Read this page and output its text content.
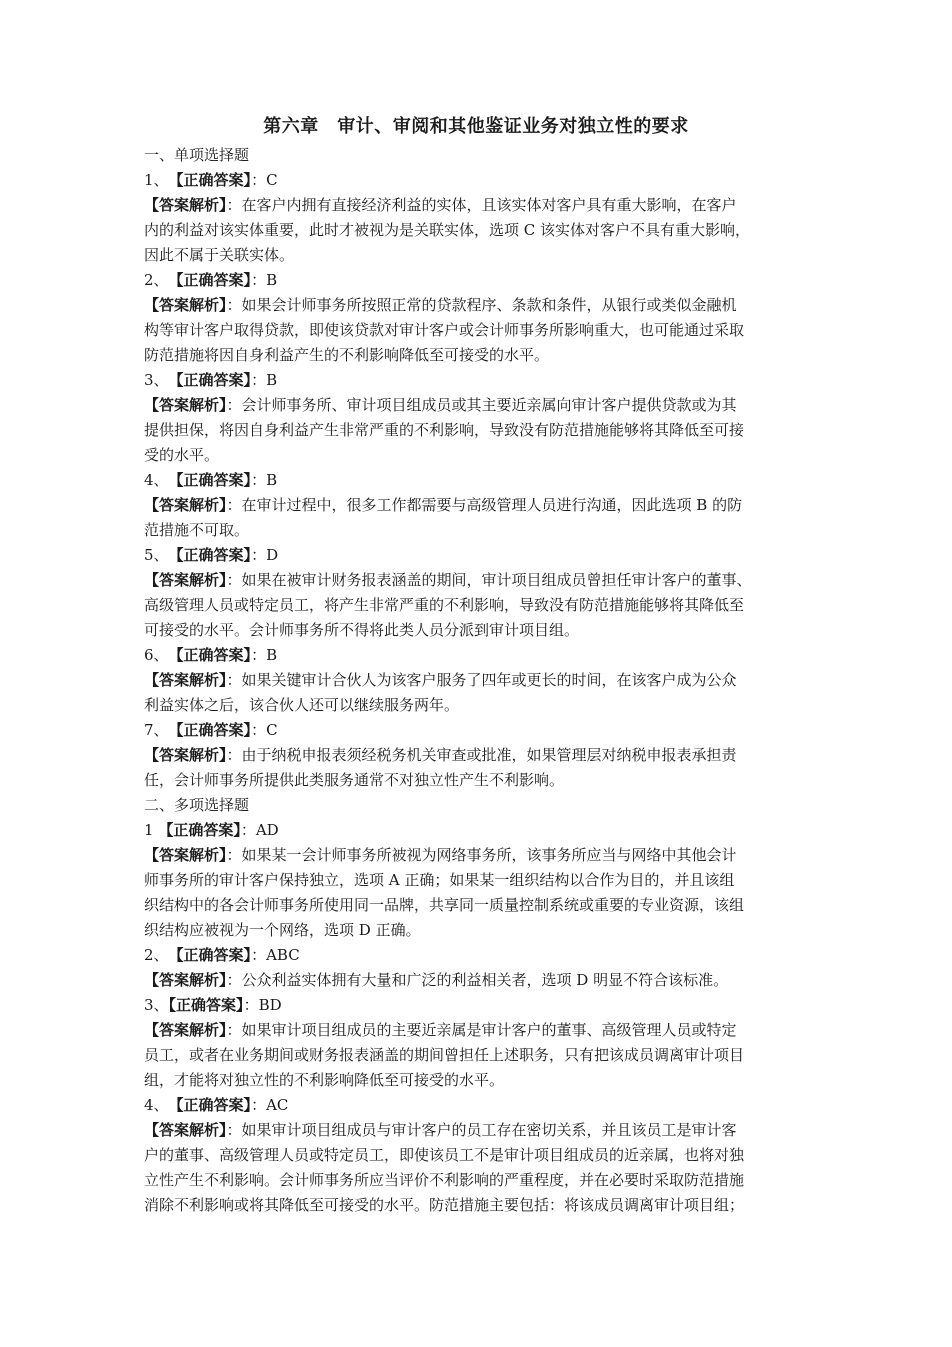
第六章　审计、审阅和其他鉴证业务对独立性的要求
一、单项选择题
1、　【正确答案】：C
【答案解析】：在客户内拥有直接经济利益的实体，且该实体对客户具有重大影响，在客户
内的利益对该实体重要，此时才被视为是关联实体，选项 C 该实体对客户不具有重大影响，
因此不属于关联实体。
2、　【正确答案】：B
【答案解析】：如果会计师事务所按照正常的贷款程序、条款和条件，从银行或类似金融机
构等审计客户取得贷款，即使该贷款对审计客户或会计师事务所影响重大，也可能通过采取
防范措施将因自身利益产生的不利影响降低至可接受的水平。
3、　【正确答案】：B
【答案解析】：会计师事务所、审计项目组成员或其主要近亲属向审计客户提供贷款或为其
提供担保，将因自身利益产生非常严重的不利影响，导致没有防范措施能够将其降低至可接
受的水平。
4、　【正确答案】：B
【答案解析】：在审计过程中，很多工作都需要与高级管理人员进行沟通，因此选项 B 的防
范措施不可取。
5、　【正确答案】：D
【答案解析】：如果在被审计财务报表涵盖的期间，审计项目组成员曾担任审计客户的董事、
高级管理人员或特定员工，将产生非常严重的不利影响，导致没有防范措施能够将其降低至
可接受的水平。会计师事务所不得将此类人员分派到审计项目组。
6、　【正确答案】：B
【答案解析】：如果关键审计合伙人为该客户服务了四年或更长的时间，在该客户成为公众
利益实体之后，该合伙人还可以继续服务两年。
7、　【正确答案】：C
【答案解析】：由于纳税申报表须经税务机关审查或批准，如果管理层对纳税申报表承担责
任，会计师事务所提供此类服务通常不对独立性产生不利影响。
二、多项选择题
1 【正确答案】：AD
【答案解析】：如果某一会计师事务所被视为网络事务所，该事务所应当与网络中其他会计
师事务所的审计客户保持独立，选项 A 正确；如果某一组织结构以合作为目的，并且该组
织结构中的各会计师事务所使用同一品牌，共享同一质量控制系统或重要的专业资源，该组
织结构应被视为一个网络，选项 D 正确。
2、　【正确答案】：ABC
【答案解析】：公众利益实体拥有大量和广泛的利益相关者，选项 D 明显不符合该标准。
3、【正确答案】：BD
【答案解析】：如果审计项目组成员的主要近亲属是审计客户的董事、高级管理人员或特定
员工，或者在业务期间或财务报表涵盖的期间曾担任上述职务，只有把该成员调离审计项目
组，才能将对独立性的不利影响降低至可接受的水平。
4、　【正确答案】：AC
【答案解析】：如果审计项目组成员与审计客户的员工存在密切关系，并且该员工是审计客
户的董事、高级管理人员或特定员工，即使该员工不是审计项目组成员的近亲属，也将对独
立性产生不利影响。会计师事务所应当评价不利影响的严重程度，并在必要时采取防范措施
消除不利影响或将其降低至可接受的水平。防范措施主要包括：将该成员调离审计项目组；
